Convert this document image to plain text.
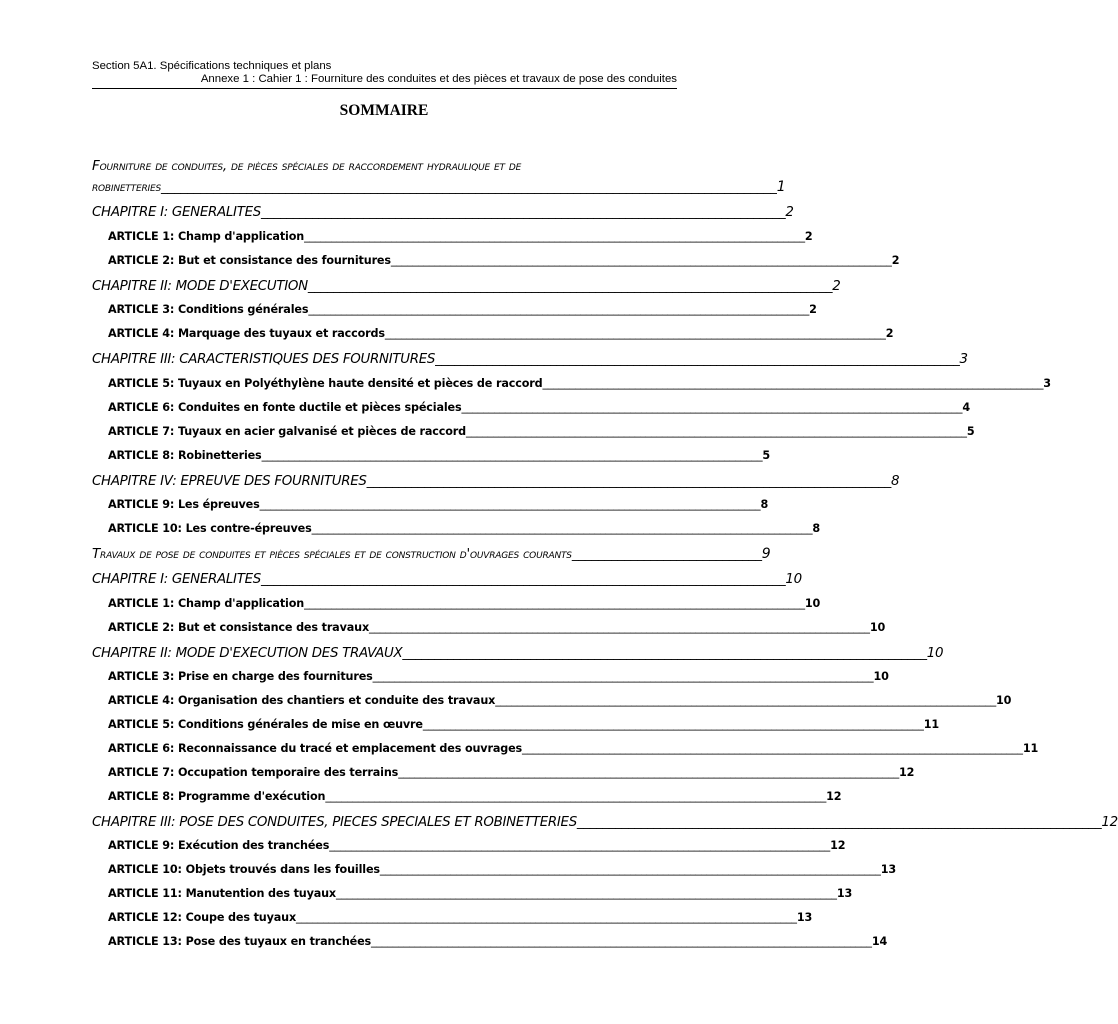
Section 5A1. Spécifications techniques et plans
Annexe 1 : Cahier 1 : Fourniture des conduites et des pièces et travaux de pose des conduites
SOMMAIRE
Fourniture de conduites, de pièces spéciales de raccordement hydraulique et de
robinetteries ______________________________________________________________________________________________ 1
CHAPITRE I: GENERALITES __________________________________________________________________________________ 2
ARTICLE 1: Champ d'application ____________________________________________________________________________________________ 2
ARTICLE 2: But et consistance des fournitures ____________________________________________________________________________________________ 2
CHAPITRE II: MODE D'EXECUTION __________________________________________________________________________________ 2
ARTICLE 3: Conditions générales ____________________________________________________________________________________________ 2
ARTICLE 4: Marquage des tuyaux et raccords ____________________________________________________________________________________________ 2
CHAPITRE III: CARACTERISTIQUES DES FOURNITURES __________________________________________________________________________________ 3
ARTICLE 5: Tuyaux en Polyéthylène haute densité et pièces de raccord ____________________________________________________________________________________________ 3
ARTICLE 6: Conduites en fonte ductile et pièces spéciales ____________________________________________________________________________________________ 4
ARTICLE 7: Tuyaux en acier galvanisé et pièces de raccord ____________________________________________________________________________________________ 5
ARTICLE 8: Robinetteries ____________________________________________________________________________________________ 5
CHAPITRE IV: EPREUVE DES FOURNITURES __________________________________________________________________________________ 8
ARTICLE 9: Les épreuves ____________________________________________________________________________________________ 8
ARTICLE 10: Les contre-épreuves ____________________________________________________________________________________________ 8
Travaux de pose de conduites et pièces spéciales et de construction d'ouvrages courants _____________________________ 9
CHAPITRE I: GENERALITES __________________________________________________________________________________ 10
ARTICLE 1: Champ d'application ____________________________________________________________________________________________ 10
ARTICLE 2: But et consistance des travaux ____________________________________________________________________________________________ 10
CHAPITRE II: MODE D'EXECUTION DES TRAVAUX __________________________________________________________________________________ 10
ARTICLE 3: Prise en charge des fournitures ____________________________________________________________________________________________ 10
ARTICLE 4: Organisation des chantiers et conduite des travaux ____________________________________________________________________________________________ 10
ARTICLE 5: Conditions générales de mise en œuvre ____________________________________________________________________________________________ 11
ARTICLE 6: Reconnaissance du tracé et emplacement des ouvrages ____________________________________________________________________________________________ 11
ARTICLE 7: Occupation temporaire des terrains ____________________________________________________________________________________________ 12
ARTICLE 8: Programme d'exécution ____________________________________________________________________________________________ 12
CHAPITRE III: POSE DES CONDUITES, PIECES SPECIALES ET ROBINETTERIES __________________________________________________________________________________ 12
ARTICLE 9: Exécution des tranchées ____________________________________________________________________________________________ 12
ARTICLE 10: Objets trouvés dans les fouilles ____________________________________________________________________________________________ 13
ARTICLE 11: Manutention des tuyaux ____________________________________________________________________________________________ 13
ARTICLE 12: Coupe des tuyaux ____________________________________________________________________________________________ 13
ARTICLE 13: Pose des tuyaux en tranchées ____________________________________________________________________________________________ 14
